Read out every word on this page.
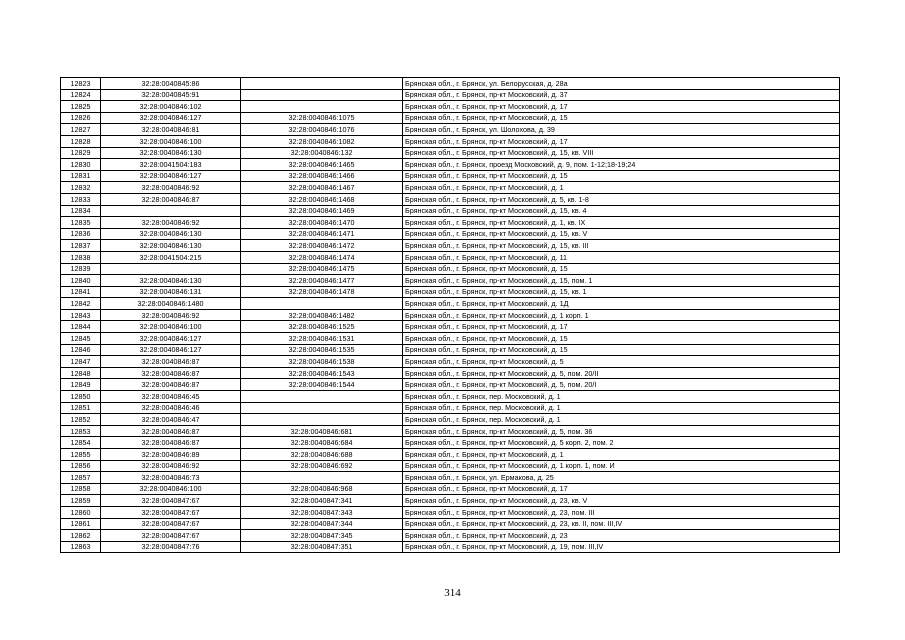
12823	32:28:0040845:86		Брянская обл., г. Брянск, ул. Белорусская, д. 28а
12824	32:28:0040845:91		Брянская обл., г. Брянск, пр-кт Московский, д. 37
12825	32:28:0040846:102		Брянская обл., г. Брянск, пр-кт Московский, д. 17
12826	32:28:0040846:127	32:28:0040846:1075	Брянская обл., г. Брянск, пр-кт Московский, д. 15
12827	32:28:0040846:81	32:28:0040846:1076	Брянская обл., г. Брянск, ул. Шолохова, д. 39
12828	32:28:0040846:100	32:28:0040846:1082	Брянская обл., г. Брянск, пр-кт Московский, д. 17
12829	32:28:0040846:130	32:28:0040846:132	Брянская обл., г. Брянск, пр-кт Московский, д. 15, кв. VIII
12830	32:28:0041504:183	32:28:0040846:1465	Брянская обл., г. Брянск, проезд Московский, д. 9, пом. 1-12;18-19;24
12831	32:28:0040846:127	32:28:0040846:1466	Брянская обл., г. Брянск, пр-кт Московский, д. 15
12832	32:28:0040846:92	32:28:0040846:1467	Брянская обл., г. Брянск, пр-кт Московский, д. 1
12833	32:28:0040846:87	32:28:0040846:1468	Брянская обл., г. Брянск, пр-кт Московский, д. 5, кв. 1-8
12834		32:28:0040846:1469	Брянская обл., г. Брянск, пр-кт Московский, д. 15, кв. 4
12835	32:28:0040846:92	32:28:0040846:1470	Брянская обл., г. Брянск, пр-кт Московский, д. 1, кв. IX
12836	32:28:0040846:130	32:28:0040846:1471	Брянская обл., г. Брянск, пр-кт Московский, д. 15, кв. V
12837	32:28:0040846:130	32:28:0040846:1472	Брянская обл., г. Брянск, пр-кт Московский, д. 15, кв. III
12838	32:28:0041504:215	32:28:0040846:1474	Брянская обл., г. Брянск, пр-кт Московский, д. 11
12839		32:28:0040846:1475	Брянская обл., г. Брянск, пр-кт Московский, д. 15
12840	32:28:0040846:130	32:28:0040846:1477	Брянская обл., г. Брянск, пр-кт Московский, д. 15, пом. 1
12841	32:28:0040846:131	32:28:0040846:1478	Брянская обл., г. Брянск, пр-кт Московский, д. 15, кв. 1
12842	32:28:0040846:1480		Брянская обл., г. Брянск, пр-кт Московский, д. 1Д
12843	32:28:0040846:92	32:28:0040846:1482	Брянская обл., г. Брянск, пр-кт Московский, д. 1 корп. 1
12844	32:28:0040846:100	32:28:0040846:1525	Брянская обл., г. Брянск, пр-кт Московский, д. 17
12845	32:28:0040846:127	32:28:0040846:1531	Брянская обл., г. Брянск, пр-кт Московский, д. 15
12846	32:28:0040846:127	32:28:0040846:1535	Брянская обл., г. Брянск, пр-кт Московский, д. 15
12847	32:28:0040846:87	32:28:0040846:1538	Брянская обл., г. Брянск, пр-кт Московский, д. 5
12848	32:28:0040846:87	32:28:0040846:1543	Брянская обл., г. Брянск, пр-кт Московский, д. 5, пом. 20/II
12849	32:28:0040846:87	32:28:0040846:1544	Брянская обл., г. Брянск, пр-кт Московский, д. 5, пом. 20/I
12850	32:28:0040846:45		Брянская обл., г. Брянск, пер. Московский, д. 1
12851	32:28:0040846:46		Брянская обл., г. Брянск, пер. Московский, д. 1
12852	32:28:0040846:47		Брянская обл., г. Брянск, пер. Московский, д. 1
12853	32:28:0040846:87	32:28:0040846:681	Брянская обл., г. Брянск, пр-кт Московский, д. 5, пом. 36
12854	32:28:0040846:87	32:28:0040846:684	Брянская обл., г. Брянск, пр-кт Московский, д. 5 корп. 2, пом. 2
12855	32:28:0040846:89	32:28:0040846:688	Брянская обл., г. Брянск, пр-кт Московский, д. 1
12856	32:28:0040846:92	32:28:0040846:692	Брянская обл., г. Брянск, пр-кт Московский, д. 1 корп. 1, пом. И
12857	32:28:0040846:73		Брянская обл., г. Брянск, ул. Ермакова, д. 25
12858	32:28:0040846:100	32:28:0040846:968	Брянская обл., г. Брянск, пр-кт Московский, д. 17
12859	32:28:0040847:67	32:28:0040847:341	Брянская обл., г. Брянск, пр-кт Московский, д. 23, кв. V
12860	32:28:0040847:67	32:28:0040847:343	Брянская обл., г. Брянск, пр-кт Московский, д. 23, пом. III
12861	32:28:0040847:67	32:28:0040847:344	Брянская обл., г. Брянск, пр-кт Московский, д. 23, кв. II, пом. III,IV
12862	32:28:0040847:67	32:28:0040847:345	Брянская обл., г. Брянск, пр-кт Московский, д. 23
12863	32:28:0040847:76	32:28:0040847:351	Брянская обл., г. Брянск, пр-кт Московский, д. 19, пом. III,IV
314
